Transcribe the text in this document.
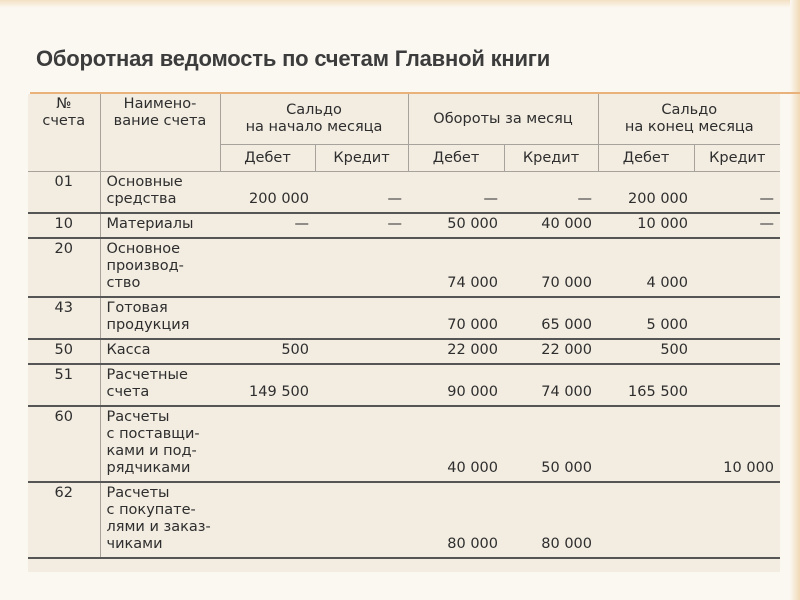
Оборотная ведомость по счетам Главной книги
№
счета	Наимено-
вание счета	Сальдо
на начало месяца		Обороты за месяц		Сальдо
на конец месяца	
		Дебет	Кредит	Дебет	Кредит	Дебет	Кредит
01	Основные
средства	200 000	—	—	—	200 000	—
10	Материалы	—	—	50 000	40 000	10 000	—
20	Основное
производ-
ство			74 000	70 000	4 000	
43	Готовая
продукция			70 000	65 000	5 000	
50	Касса	500		22 000	22 000	500	
51	Расчетные
счета	149 500		90 000	74 000	165 500	
60	Расчеты
с поставщи-
ками и под-
рядчиками			40 000	50 000		10 000
62	Расчеты
с покупате-
лями и заказ-
чиками			80 000	80 000		
